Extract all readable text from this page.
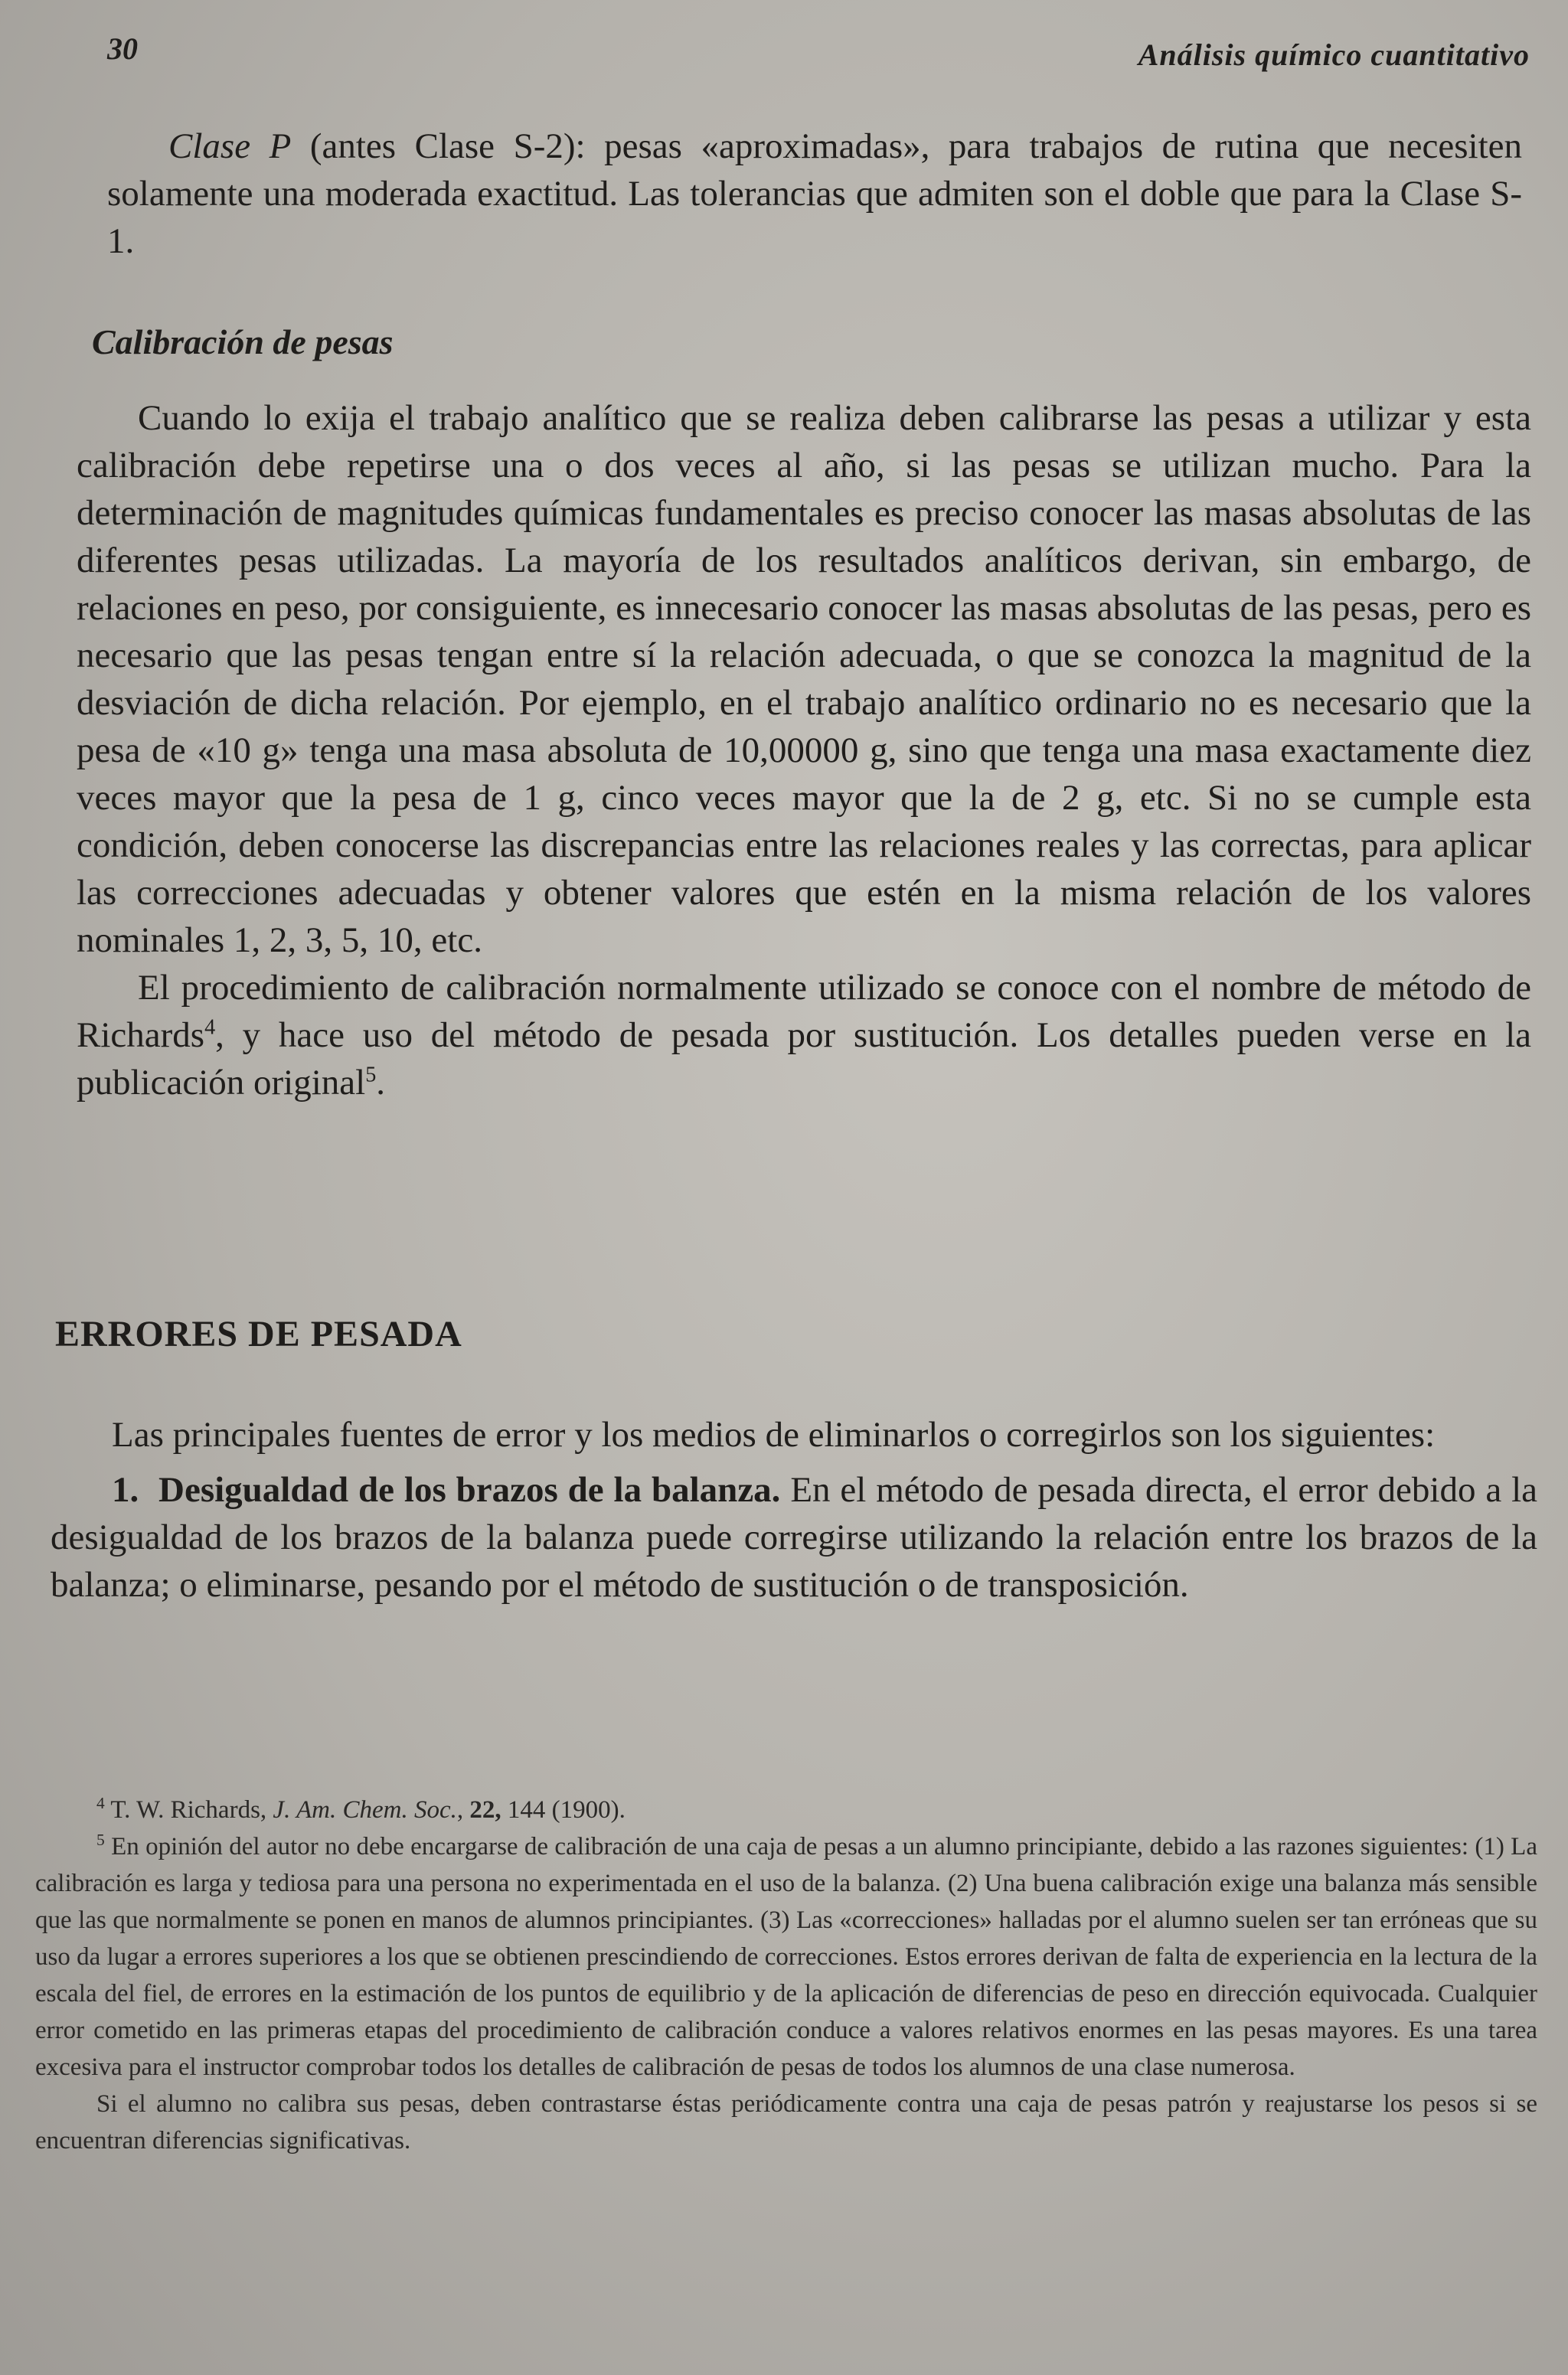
30	Análisis químico cuantitativo

Clase P (antes Clase S-2): pesas «aproximadas», para trabajos de rutina que necesiten solamente una moderada exactitud. Las tolerancias que admiten son el doble que para la Clase S-1.

Calibración de pesas

Cuando lo exija el trabajo analítico que se realiza deben calibrarse las pesas a utilizar y esta calibración debe repetirse una o dos veces al año, si las pesas se utilizan mucho. Para la determinación de magnitudes químicas fundamentales es preciso conocer las masas absolutas de las diferentes pesas utilizadas. La mayoría de los resultados analíticos derivan, sin embargo, de relaciones en peso, por consiguiente, es innecesario conocer las masas absolutas de las pesas, pero es necesario que las pesas tengan entre sí la relación adecuada, o que se conozca la magnitud de la desviación de dicha relación. Por ejemplo, en el trabajo analítico ordinario no es necesario que la pesa de «10 g» tenga una masa absoluta de 10,00000 g, sino que tenga una masa exactamente diez veces mayor que la pesa de 1 g, cinco veces mayor que la de 2 g, etc. Si no se cumple esta condición, deben conocerse las discrepancias entre las relaciones reales y las correctas, para aplicar las correcciones adecuadas y obtener valores que estén en la misma relación de los valores nominales 1, 2, 3, 5, 10, etc.

El procedimiento de calibración normalmente utilizado se conoce con el nombre de método de Richards$^4$, y hace uso del método de pesada por sustitución. Los detalles pueden verse en la publicación original$^5$.

ERRORES DE PESADA

Las principales fuentes de error y los medios de eliminarlos o corregirlos son los siguientes:

1. Desigualdad de los brazos de la balanza. En el método de pesada directa, el error debido a la desigualdad de los brazos de la balanza puede corregirse utilizando la relación entre los brazos de la balanza; o eliminarse, pesando por el método de sustitución o de transposición.

$^4$ T. W. Richards, J. Am. Chem. Soc., 22, 144 (1900).

$^5$ En opinión del autor no debe encargarse de calibración de una caja de pesas a un alumno principiante, debido a las razones siguientes: (1) La calibración es larga y tediosa para una persona no experimentada en el uso de la balanza. (2) Una buena calibración exige una balanza más sensible que las que normalmente se ponen en manos de alumnos principiantes. (3) Las «correcciones» halladas por el alumno suelen ser tan erróneas que su uso da lugar a errores superiores a los que se obtienen prescindiendo de correcciones. Estos errores derivan de falta de experiencia en la lectura de la escala del fiel, de errores en la estimación de los puntos de equilibrio y de la aplicación de diferencias de peso en dirección equivocada. Cualquier error cometido en las primeras etapas del procedimiento de calibración conduce a valores relativos enormes en las pesas mayores. Es una tarea excesiva para el instructor comprobar todos los detalles de calibración de pesas de todos los alumnos de una clase numerosa.

Si el alumno no calibra sus pesas, deben contrastarse éstas periódicamente contra una caja de pesas patrón y reajustarse los pesos si se encuentran diferencias significativas.
